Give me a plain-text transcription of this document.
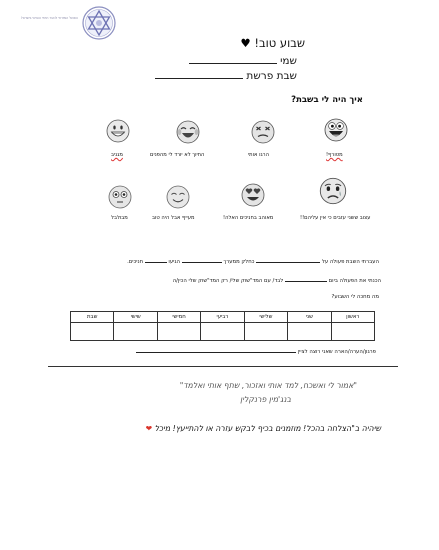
הפועל המזרחי לנוער הדתי והציוני בישראל
שבוע טוב! ♥
שמי
שבת פרשת
איך היה לי בשבת?
מטורף!
הרגו אותי
החיוך לא יורד לי מהפנים
מגניב
עצוב ששני עזבים כי אין עליהם!!
מאוהב בחניכים האלה!
מעייף אבל היה טוב
מבולבל
העברתי השבת פעולה על  כחלק ממערך  הגיעו  חניכים.
הכנתי את הפעולה ביום  לבד/ עם המד"שוק שלי/ רק המד"שוק שלי הכין/ה
מה מחכה לי השבוע?
שבת	שישי	חמישי	רביעי	שלישי	שני	ראשון

פרגון/הערה/הארה שאני רוצה לציין
"אמור לי ואשכח, למד אותי ואזכור, שתף אותי ואלמד"
בנג'מין פרנקלין
שיהיה ב"הצלחה בהכל! מוזמנים בכיף לבקש עזרה או להתייעץ! מיכל ❤
